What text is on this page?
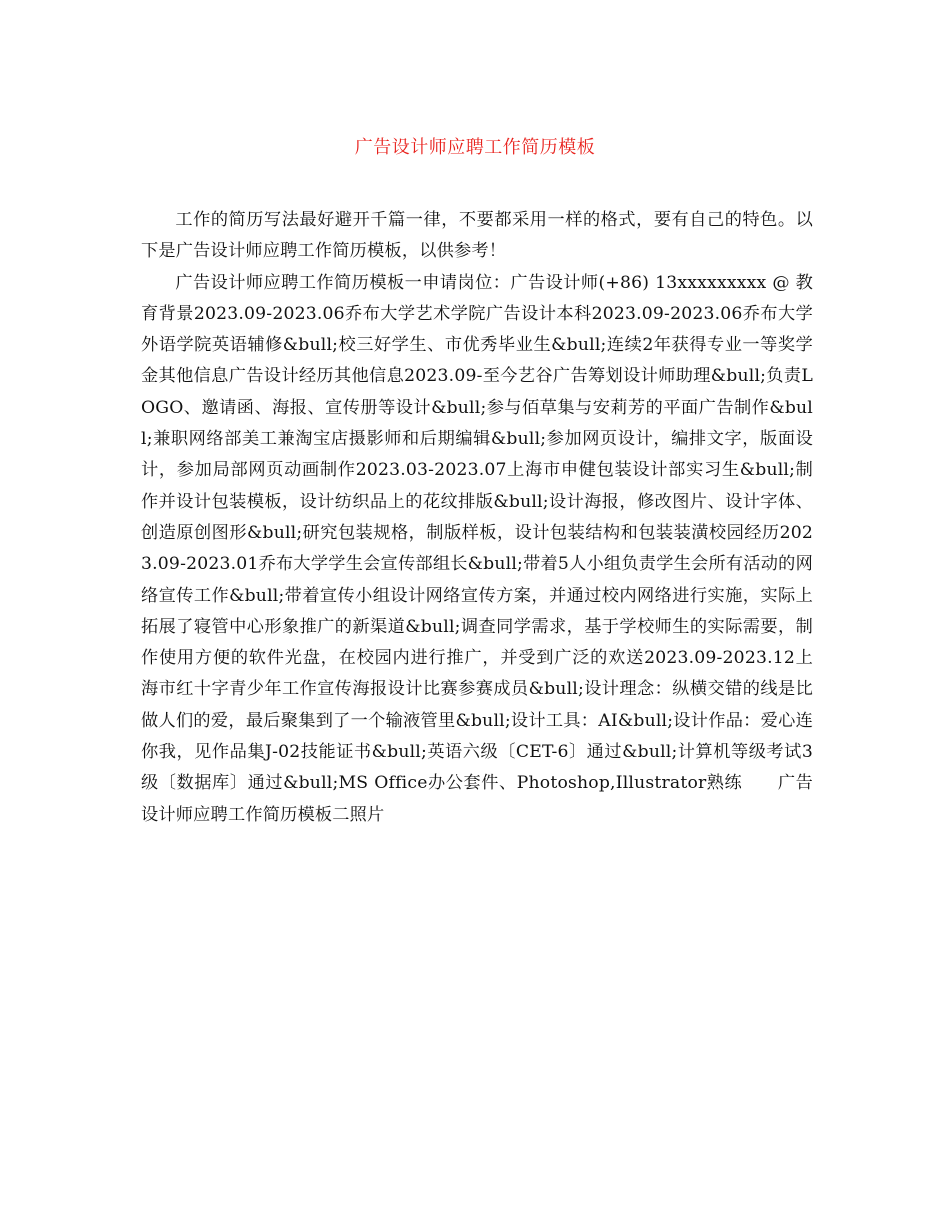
广告设计师应聘工作简历模板

工作的简历写法最好避开千篇一律，不要都采用一样的格式，要有自己的特色。以下是广告设计师应聘工作简历模板，以供参考！

广告设计师应聘工作简历模板一申请岗位：广告设计师(+86) 13xxxxxxxxx @ 教育背景2023.09-2023.06乔布大学艺术学院广告设计本科2023.09-2023.06乔布大学外语学院英语辅修&bull;校三好学生、市优秀毕业生&bull;连续2年获得专业一等奖学金其他信息广告设计经历其他信息2023.09-至今艺谷广告筹划设计师助理&bull;负责LOGO、邀请函、海报、宣传册等设计&bull;参与佰草集与安莉芳的平面广告制作&bull;兼职网络部美工兼淘宝店摄影师和后期编辑&bull;参加网页设计，编排文字，版面设计，参加局部网页动画制作2023.03-2023.07上海市申健包装设计部实习生&bull;制作并设计包装模板，设计纺织品上的花纹排版&bull;设计海报，修改图片、设计字体、创造原创图形&bull;研究包装规格，制版样板，设计包装结构和包装装潢校园经历2023.09-2023.01乔布大学学生会宣传部组长&bull;带着5人小组负责学生会所有活动的网络宣传工作&bull;带着宣传小组设计网络宣传方案，并通过校内网络进行实施，实际上拓展了寝管中心形象推广的新渠道&bull;调查同学需求，基于学校师生的实际需要，制作使用方便的软件光盘，在校园内进行推广，并受到广泛的欢送2023.09-2023.12上海市红十字青少年工作宣传海报设计比赛参赛成员&bull;设计理念：纵横交错的线是比做人们的爱，最后聚集到了一个输液管里&bull;设计工具：AI&bull;设计作品：爱心连你我，见作品集J-02技能证书&bull;英语六级〔CET-6〕通过&bull;计算机等级考试3级〔数据库〕通过&bull;MS Office办公套件、Photoshop,Illustrator熟练　　广告设计师应聘工作简历模板二照片
